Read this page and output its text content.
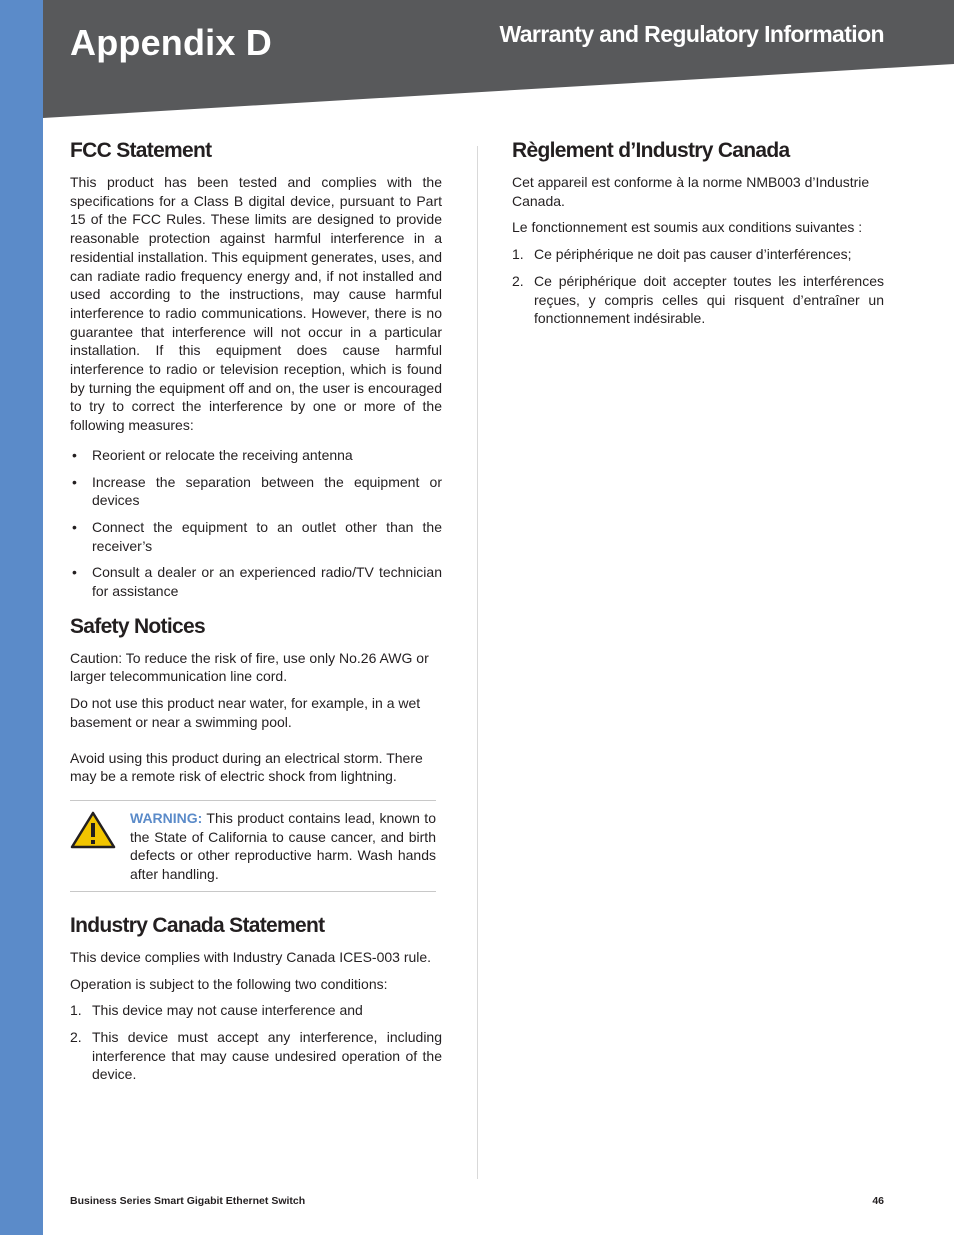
Appendix D	Warranty and Regulatory Information

FCC Statement

This product has been tested and complies with the specifications for a Class B digital device, pursuant to Part 15 of the FCC Rules. These limits are designed to provide reasonable protection against harmful interference in a residential installation. This equipment generates, uses, and can radiate radio frequency energy and, if not installed and used according to the instructions, may cause harmful interference to radio communications. However, there is no guarantee that interference will not occur in a particular installation. If this equipment does cause harmful interference to radio or television reception, which is found by turning the equipment off and on, the user is encouraged to try to correct the interference by one or more of the following measures:

• Reorient or relocate the receiving antenna
• Increase the separation between the equipment or devices
• Connect the equipment to an outlet other than the receiver’s
• Consult a dealer or an experienced radio/TV technician for assistance
Safety Notices

Caution: To reduce the risk of fire, use only No.26 AWG or larger telecommunication line cord.

Do not use this product near water, for example, in a wet basement or near a swimming pool.

Avoid using this product during an electrical storm. There may be a remote risk of electric shock from lightning.

WARNING: This product contains lead, known to the State of California to cause cancer, and birth defects or other reproductive harm. Wash hands after handling.
Industry Canada Statement

This device complies with Industry Canada ICES-003 rule.

Operation is subject to the following two conditions:

1. This device may not cause interference and
2. This device must accept any interference, including interference that may cause undesired operation of the device.
Règlement d’Industry Canada

Cet appareil est conforme à la norme NMB003 d’Industrie Canada.

Le fonctionnement est soumis aux conditions suivantes :

1. Ce périphérique ne doit pas causer d’interférences;
2. Ce périphérique doit accepter toutes les interférences reçues, y compris celles qui risquent d’entraîner un fonctionnement indésirable.

Business Series Smart Gigabit Ethernet Switch	46
